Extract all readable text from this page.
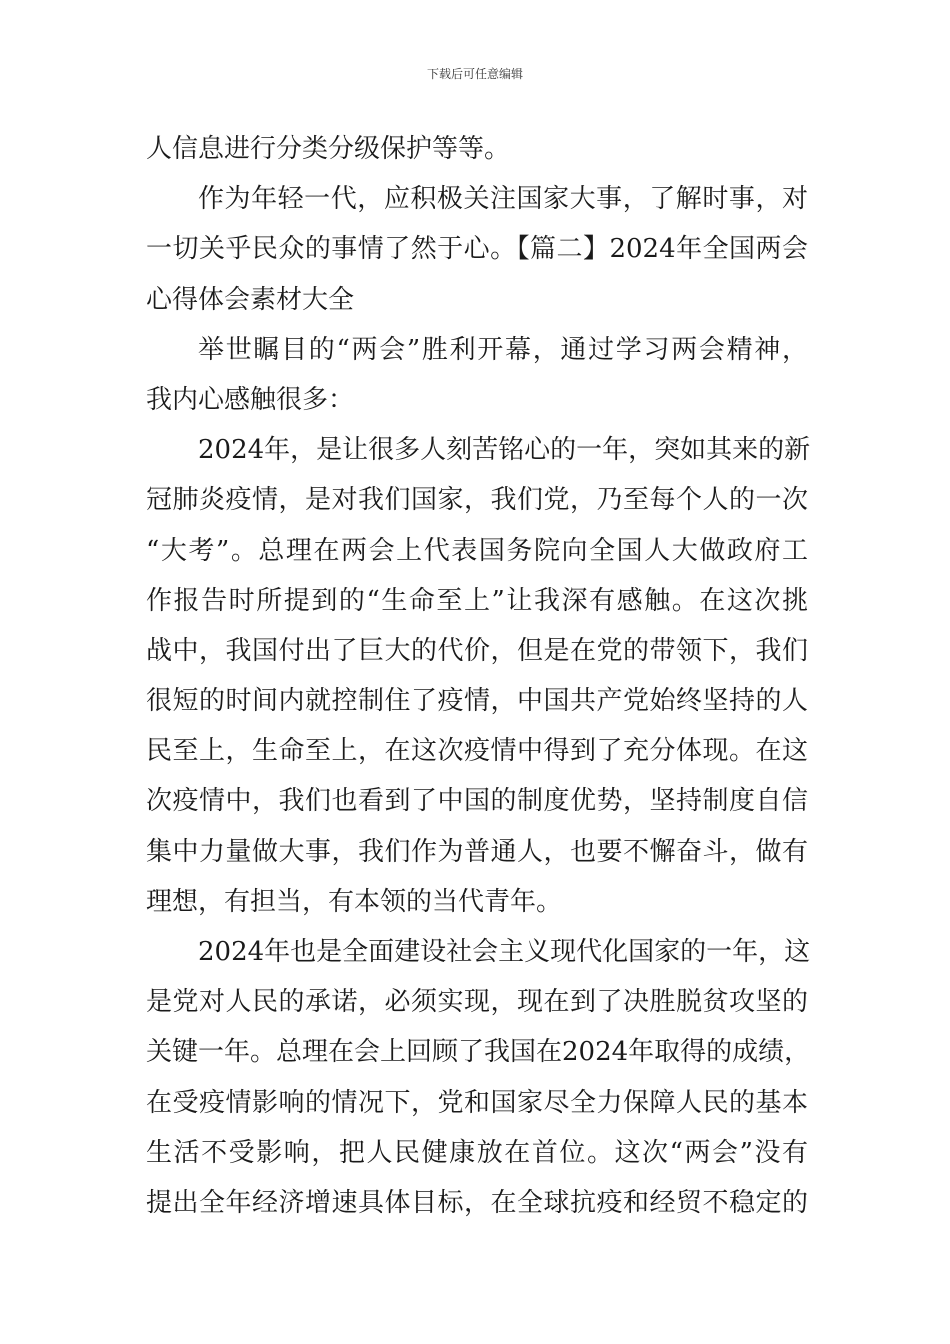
下载后可任意编辑
人信息进行分类分级保护等等。
作为年轻一代，应积极关注国家大事，了解时事，对
一切关乎民众的事情了然于心。【篇二】2024年全国两会
心得体会素材大全
举世瞩目的“两会”胜利开幕，通过学习两会精神，
我内心感触很多：
2024年，是让很多人刻苦铭心的一年，突如其来的新
冠肺炎疫情，是对我们国家，我们党，乃至每个人的一次
“大考”。总理在两会上代表国务院向全国人大做政府工
作报告时所提到的“生命至上”让我深有感触。在这次挑
战中，我国付出了巨大的代价，但是在党的带领下，我们
很短的时间内就控制住了疫情，中国共产党始终坚持的人
民至上，生命至上，在这次疫情中得到了充分体现。在这
次疫情中，我们也看到了中国的制度优势，坚持制度自信
集中力量做大事，我们作为普通人，也要不懈奋斗，做有
理想，有担当，有本领的当代青年。
2024年也是全面建设社会主义现代化国家的一年，这
是党对人民的承诺，必须实现，现在到了决胜脱贫攻坚的
关键一年。总理在会上回顾了我国在2024年取得的成绩，
在受疫情影响的情况下，党和国家尽全力保障人民的基本
生活不受影响，把人民健康放在首位。这次“两会”没有
提出全年经济增速具体目标，在全球抗疫和经贸不稳定的
